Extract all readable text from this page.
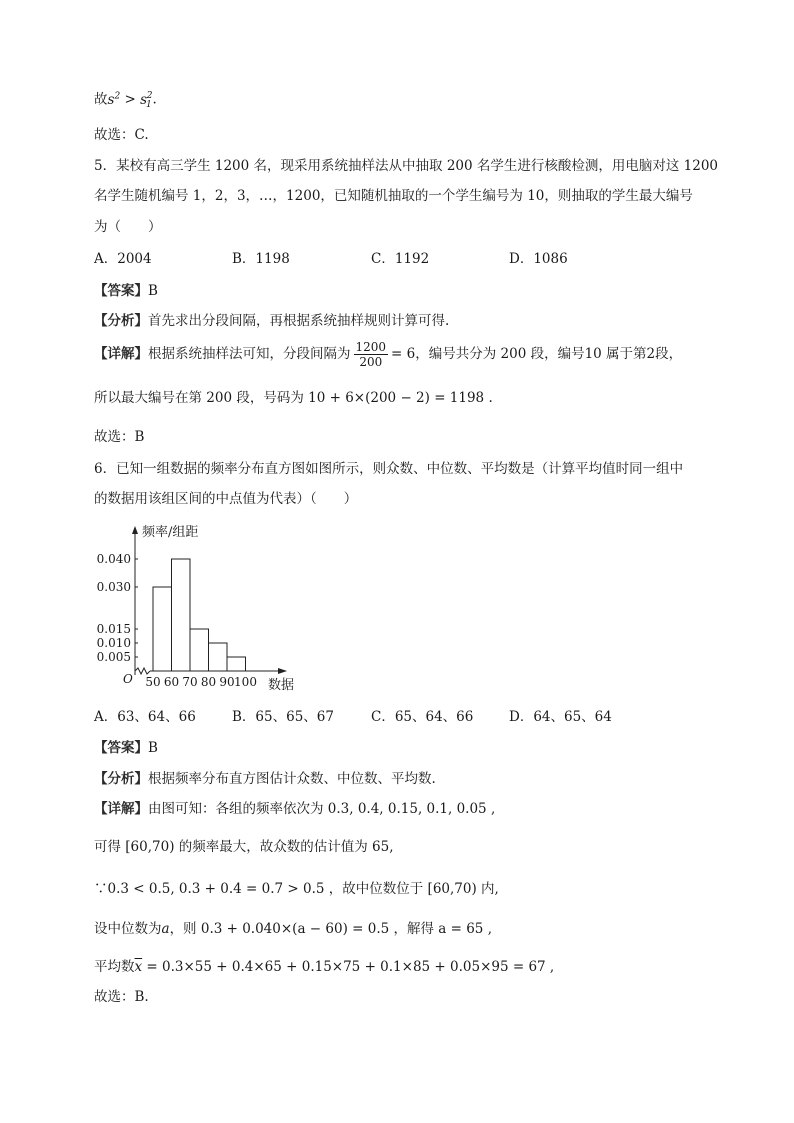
故$s^2 > s_1^2$.
故选：C.
5．某校有高三学生 1200 名，现采用系统抽样法从中抽取 200 名学生进行核酸检测，用电脑对这 1200
名学生随机编号 1，2，3，…，1200，已知随机抽取的一个学生编号为 10，则抽取的学生最大编号
为（　　）
A．2004	B．1198	C．1192	D．1086
【答案】B
【分析】首先求出分段间隔，再根据系统抽样规则计算可得.
【详解】根据系统抽样法可知，分段间隔为 $\frac{1200}{200} = 6$，编号共分为 200 段，编号10 属于第2段，
所以最大编号在第 200 段，号码为 10 + 6×(200 − 2) = 1198 .
故选：B
6．已知一组数据的频率分布直方图如图所示，则众数、中位数、平均数是（计算平均值时同一组中
的数据用该组区间的中点值为代表）（　　）
0.040
0.030
0.015
0.010
0.005
50 60 70 80 90 100
O
频率/组距
数据
A．63、64、66	B．65、65、67	C．65、64、66	D．64、65、64
【答案】B
【分析】根据频率分布直方图估计众数、中位数、平均数.
【详解】由图可知：各组的频率依次为 0.3, 0.4, 0.15, 0.1, 0.05 ,
可得 [60,70) 的频率最大，故众数的估计值为 65,
∵0.3 < 0.5, 0.3 + 0.4 = 0.7 > 0.5 ，故中位数位于 [60,70) 内,
设中位数为a，则 0.3 + 0.040×(a − 60) = 0.5 ，解得 a = 65 ,
平均数$\overline{x} = 0.3\times 55 + 0.4\times 65 + 0.15\times 75 + 0.1\times 85 + 0.05\times 95 = 67$ ,
故选：B.
